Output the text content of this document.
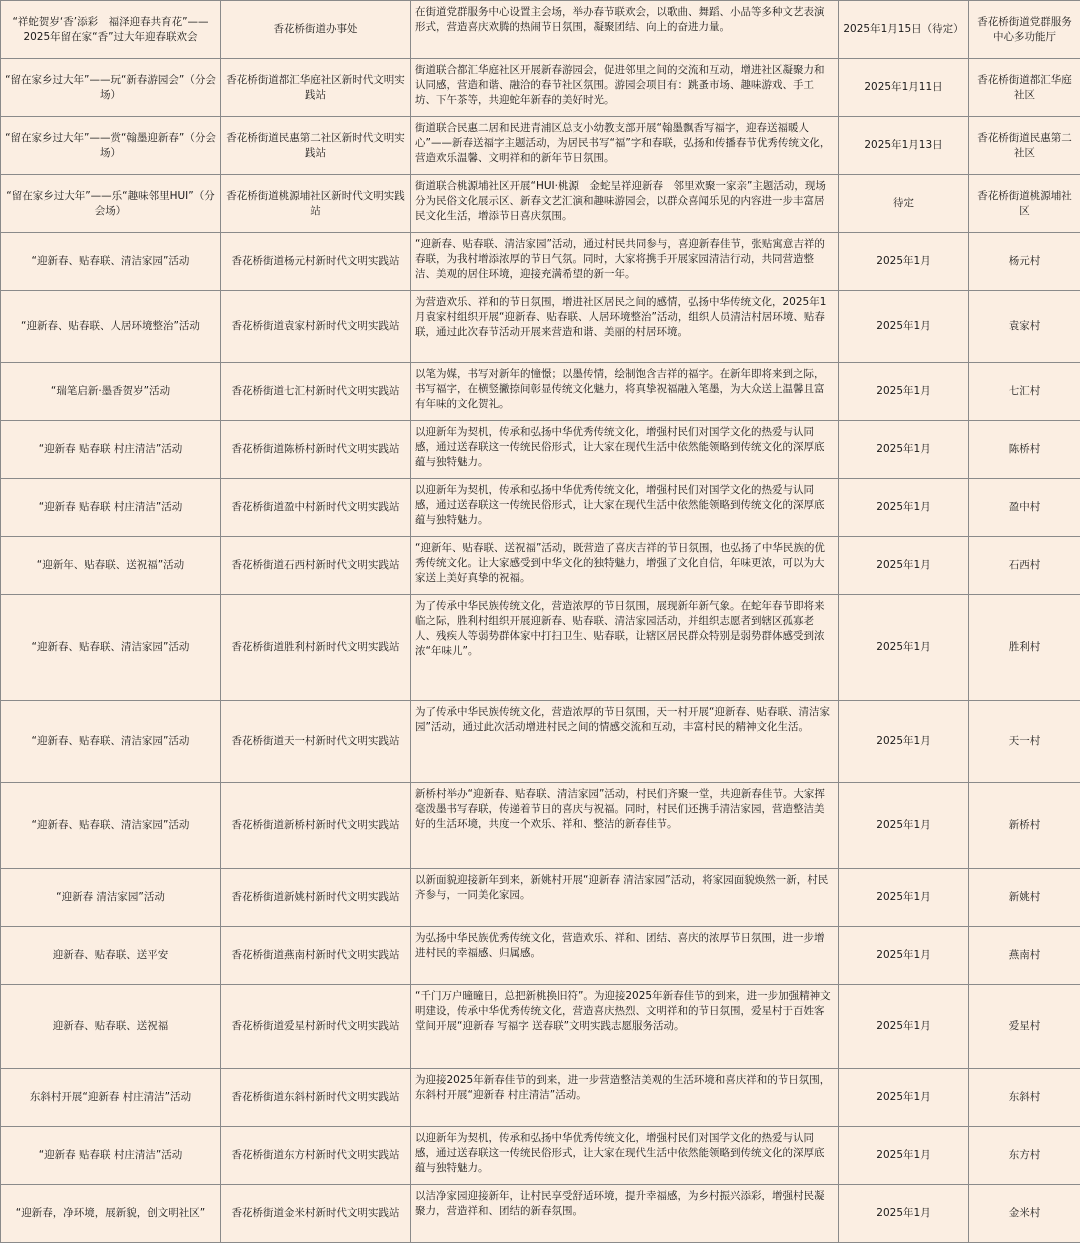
“祥蛇贺岁‘香’添彩　福泽迎春共育花”——2025年留在家“香”过大年迎春联欢会	香花桥街道办事处	在街道党群服务中心设置主会场，举办春节联欢会，以歌曲、舞蹈、小品等多种文艺表演形式，营造喜庆欢腾的热闹节日氛围，凝聚团结、向上的奋进力量。	2025年1月15日（待定）	香花桥街道党群服务中心多功能厅
“留在家乡过大年”——玩“新春游园会”（分会场）	香花桥街道都汇华庭社区新时代文明实践站	街道联合都汇华庭社区开展新春游园会，促进邻里之间的交流和互动，增进社区凝聚力和认同感，营造和谐、融洽的春节社区氛围。游园会项目有：跳蚤市场、趣味游戏、手工坊、下午茶等，共迎蛇年新春的美好时光。	2025年1月11日	香花桥街道都汇华庭社区
“留在家乡过大年”——赏“翰墨迎新春”（分会场）	香花桥街道民惠第二社区新时代文明实践站	街道联合民惠二居和民进青浦区总支小幼教支部开展“翰墨飘香写福字，迎春送福暖人心”——新春送福字主题活动，为居民书写“福”字和春联，弘扬和传播春节优秀传统文化，营造欢乐温馨、文明祥和的新年节日氛围。	2025年1月13日	香花桥街道民惠第二社区
“留在家乡过大年”——乐“趣味邻里HUI”（分会场）	香花桥街道桃源埔社区新时代文明实践站	街道联合桃源埔社区开展“HUI·桃源　金蛇呈祥迎新春　邻里欢聚一家亲”主题活动，现场分为民俗文化展示区、新春文艺汇演和趣味游园会，以群众喜闻乐见的内容进一步丰富居民文化生活，增添节日喜庆氛围。	待定	香花桥街道桃源埔社区
“迎新春、贴春联、清洁家园”活动	香花桥街道杨元村新时代文明实践站	“迎新春、贴春联、清洁家园”活动，通过村民共同参与，喜迎新春佳节，张贴寓意吉祥的春联，为我村增添浓厚的节日气氛。同时，大家将携手开展家园清洁行动，共同营造整洁、美观的居住环境，迎接充满希望的新一年。	2025年1月	杨元村
“迎新春、贴春联、人居环境整治”活动	香花桥街道袁家村新时代文明实践站	为营造欢乐、祥和的节日氛围，增进社区居民之间的感情，弘扬中华传统文化，2025年1月袁家村组织开展“迎新春、贴春联、人居环境整治”活动，组织人员清洁村居环境、贴春联，通过此次春节活动开展来营造和谐、美丽的村居环境。	2025年1月	袁家村
“瑞笔启新·墨香贺岁”活动	香花桥街道七汇村新时代文明实践站	以笔为媒，书写对新年的憧憬；以墨传情，绘制饱含吉祥的福字。在新年即将来到之际，书写福字，在横竖撇捺间彰显传统文化魅力，将真挚祝福融入笔墨，为大众送上温馨且富有年味的文化贺礼。	2025年1月	七汇村
“迎新春 贴春联 村庄清洁”活动	香花桥街道陈桥村新时代文明实践站	以迎新年为契机，传承和弘扬中华优秀传统文化，增强村民们对国学文化的热爱与认同感，通过送春联这一传统民俗形式，让大家在现代生活中依然能领略到传统文化的深厚底蕴与独特魅力。	2025年1月	陈桥村
“迎新春 贴春联 村庄清洁”活动	香花桥街道盈中村新时代文明实践站	以迎新年为契机，传承和弘扬中华优秀传统文化，增强村民们对国学文化的热爱与认同感，通过送春联这一传统民俗形式，让大家在现代生活中依然能领略到传统文化的深厚底蕴与独特魅力。	2025年1月	盈中村
“迎新年、贴春联、送祝福”活动	香花桥街道石西村新时代文明实践站	“迎新年、贴春联、送祝福”活动，既营造了喜庆吉祥的节日氛围，也弘扬了中华民族的优秀传统文化。让大家感受到中华文化的独特魅力，增强了文化自信，年味更浓，可以为大家送上美好真挚的祝福。	2025年1月	石西村
“迎新春、贴春联、清洁家园”活动	香花桥街道胜利村新时代文明实践站	为了传承中华民族传统文化，营造浓厚的节日氛围，展现新年新气象。在蛇年春节即将来临之际，胜利村组织开展迎新春、贴春联、清洁家园活动，并组织志愿者到辖区孤寡老人、残疾人等弱势群体家中打扫卫生、贴春联，让辖区居民群众特别是弱势群体感受到浓浓“年味儿”。	2025年1月	胜利村
“迎新春、贴春联、清洁家园”活动	香花桥街道天一村新时代文明实践站	为了传承中华民族传统文化，营造浓厚的节日氛围，天一村开展“迎新春、贴春联、清洁家园”活动，通过此次活动增进村民之间的情感交流和互动，丰富村民的精神文化生活。	2025年1月	天一村
“迎新春、贴春联、清洁家园”活动	香花桥街道新桥村新时代文明实践站	新桥村举办“迎新春、贴春联、清洁家园”活动，村民们齐聚一堂，共迎新春佳节。大家挥毫泼墨书写春联，传递着节日的喜庆与祝福。同时，村民们还携手清洁家园，营造整洁美好的生活环境，共度一个欢乐、祥和、整洁的新春佳节。	2025年1月	新桥村
“迎新春 清洁家园”活动	香花桥街道新姚村新时代文明实践站	以新面貌迎接新年到来，新姚村开展“迎新春 清洁家园”活动，将家园面貌焕然一新，村民齐参与，一同美化家园。	2025年1月	新姚村
迎新春、贴春联、送平安	香花桥街道燕南村新时代文明实践站	为弘扬中华民族优秀传统文化，营造欢乐、祥和、团结、喜庆的浓厚节日氛围，进一步增进村民的幸福感、归属感。	2025年1月	燕南村
迎新春、贴春联、送祝福	香花桥街道爱星村新时代文明实践站	“千门万户曈曈日，总把新桃换旧符”。为迎接2025年新春佳节的到来，进一步加强精神文明建设，传承中华优秀传统文化，营造喜庆热烈、文明祥和的节日氛围，爱星村于百姓客堂间开展“迎新春 写福字 送春联”文明实践志愿服务活动。	2025年1月	爱星村
东斜村开展“迎新春 村庄清洁”活动	香花桥街道东斜村新时代文明实践站	为迎接2025年新春佳节的到来，进一步营造整洁美观的生活环境和喜庆祥和的节日氛围，东斜村开展“迎新春 村庄清洁”活动。	2025年1月	东斜村
“迎新春 贴春联 村庄清洁”活动	香花桥街道东方村新时代文明实践站	以迎新年为契机，传承和弘扬中华优秀传统文化，增强村民们对国学文化的热爱与认同感，通过送春联这一传统民俗形式，让大家在现代生活中依然能领略到传统文化的深厚底蕴与独特魅力。	2025年1月	东方村
“迎新春，净环境，展新貌，创文明社区”	香花桥街道金米村新时代文明实践站	以洁净家园迎接新年，让村民享受舒适环境，提升幸福感，为乡村振兴添彩，增强村民凝聚力，营造祥和、团结的新春氛围。	2025年1月	金米村
